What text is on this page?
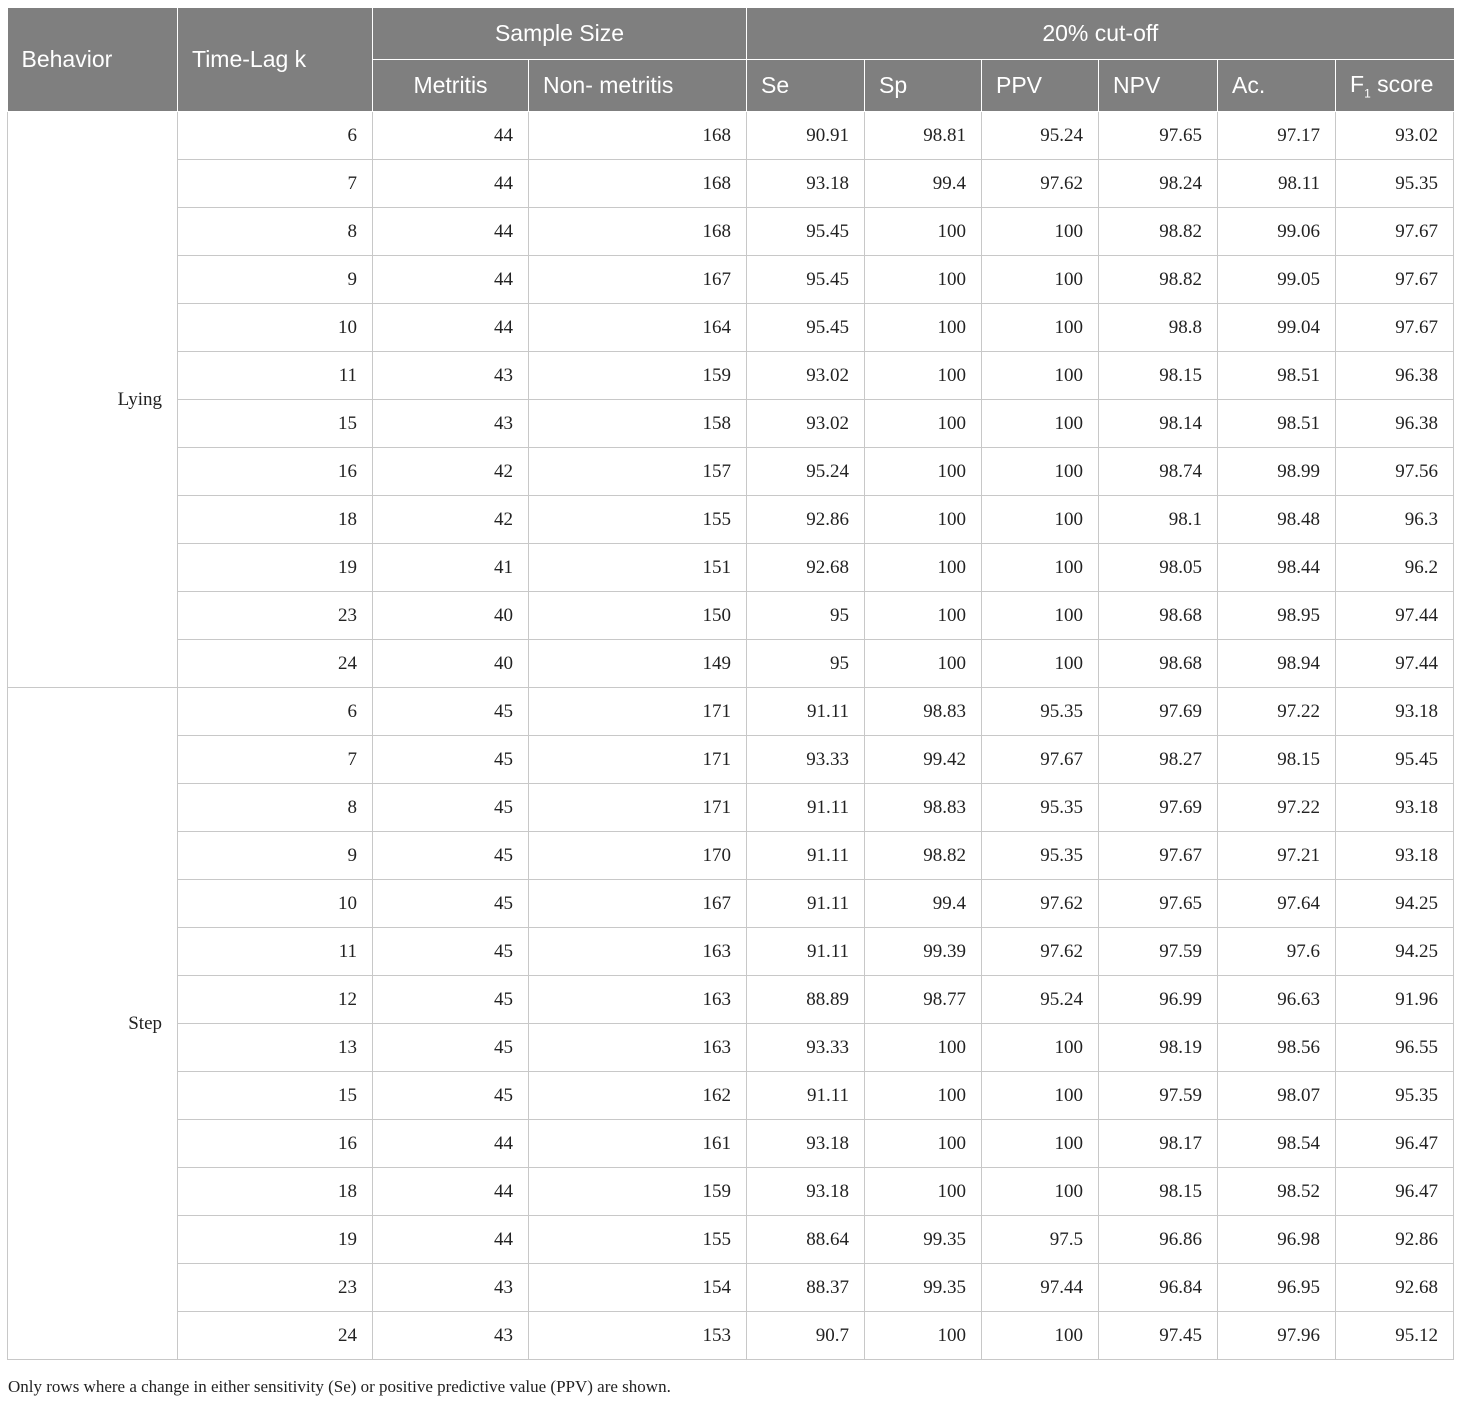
Behavior	Time-Lag k	Sample Size		20% cut-off					
		Metritis	Non- metritis	Se	Sp	PPV	NPV	Ac.	$F_1$ score
Lying	6	44	168	90.91	98.81	95.24	97.65	97.17	93.02
	7	44	168	93.18	99.4	97.62	98.24	98.11	95.35
	8	44	168	95.45	100	100	98.82	99.06	97.67
	9	44	167	95.45	100	100	98.82	99.05	97.67
	10	44	164	95.45	100	100	98.8	99.04	97.67
	11	43	159	93.02	100	100	98.15	98.51	96.38
	15	43	158	93.02	100	100	98.14	98.51	96.38
	16	42	157	95.24	100	100	98.74	98.99	97.56
	18	42	155	92.86	100	100	98.1	98.48	96.3
	19	41	151	92.68	100	100	98.05	98.44	96.2
	23	40	150	95	100	100	98.68	98.95	97.44
	24	40	149	95	100	100	98.68	98.94	97.44
Step	6	45	171	91.11	98.83	95.35	97.69	97.22	93.18
	7	45	171	93.33	99.42	97.67	98.27	98.15	95.45
	8	45	171	91.11	98.83	95.35	97.69	97.22	93.18
	9	45	170	91.11	98.82	95.35	97.67	97.21	93.18
	10	45	167	91.11	99.4	97.62	97.65	97.64	94.25
	11	45	163	91.11	99.39	97.62	97.59	97.6	94.25
	12	45	163	88.89	98.77	95.24	96.99	96.63	91.96
	13	45	163	93.33	100	100	98.19	98.56	96.55
	15	45	162	91.11	100	100	97.59	98.07	95.35
	16	44	161	93.18	100	100	98.17	98.54	96.47
	18	44	159	93.18	100	100	98.15	98.52	96.47
	19	44	155	88.64	99.35	97.5	96.86	96.98	92.86
	23	43	154	88.37	99.35	97.44	96.84	96.95	92.68
	24	43	153	90.7	100	100	97.45	97.96	95.12
Only rows where a change in either sensitivity (Se) or positive predictive value (PPV) are shown.
